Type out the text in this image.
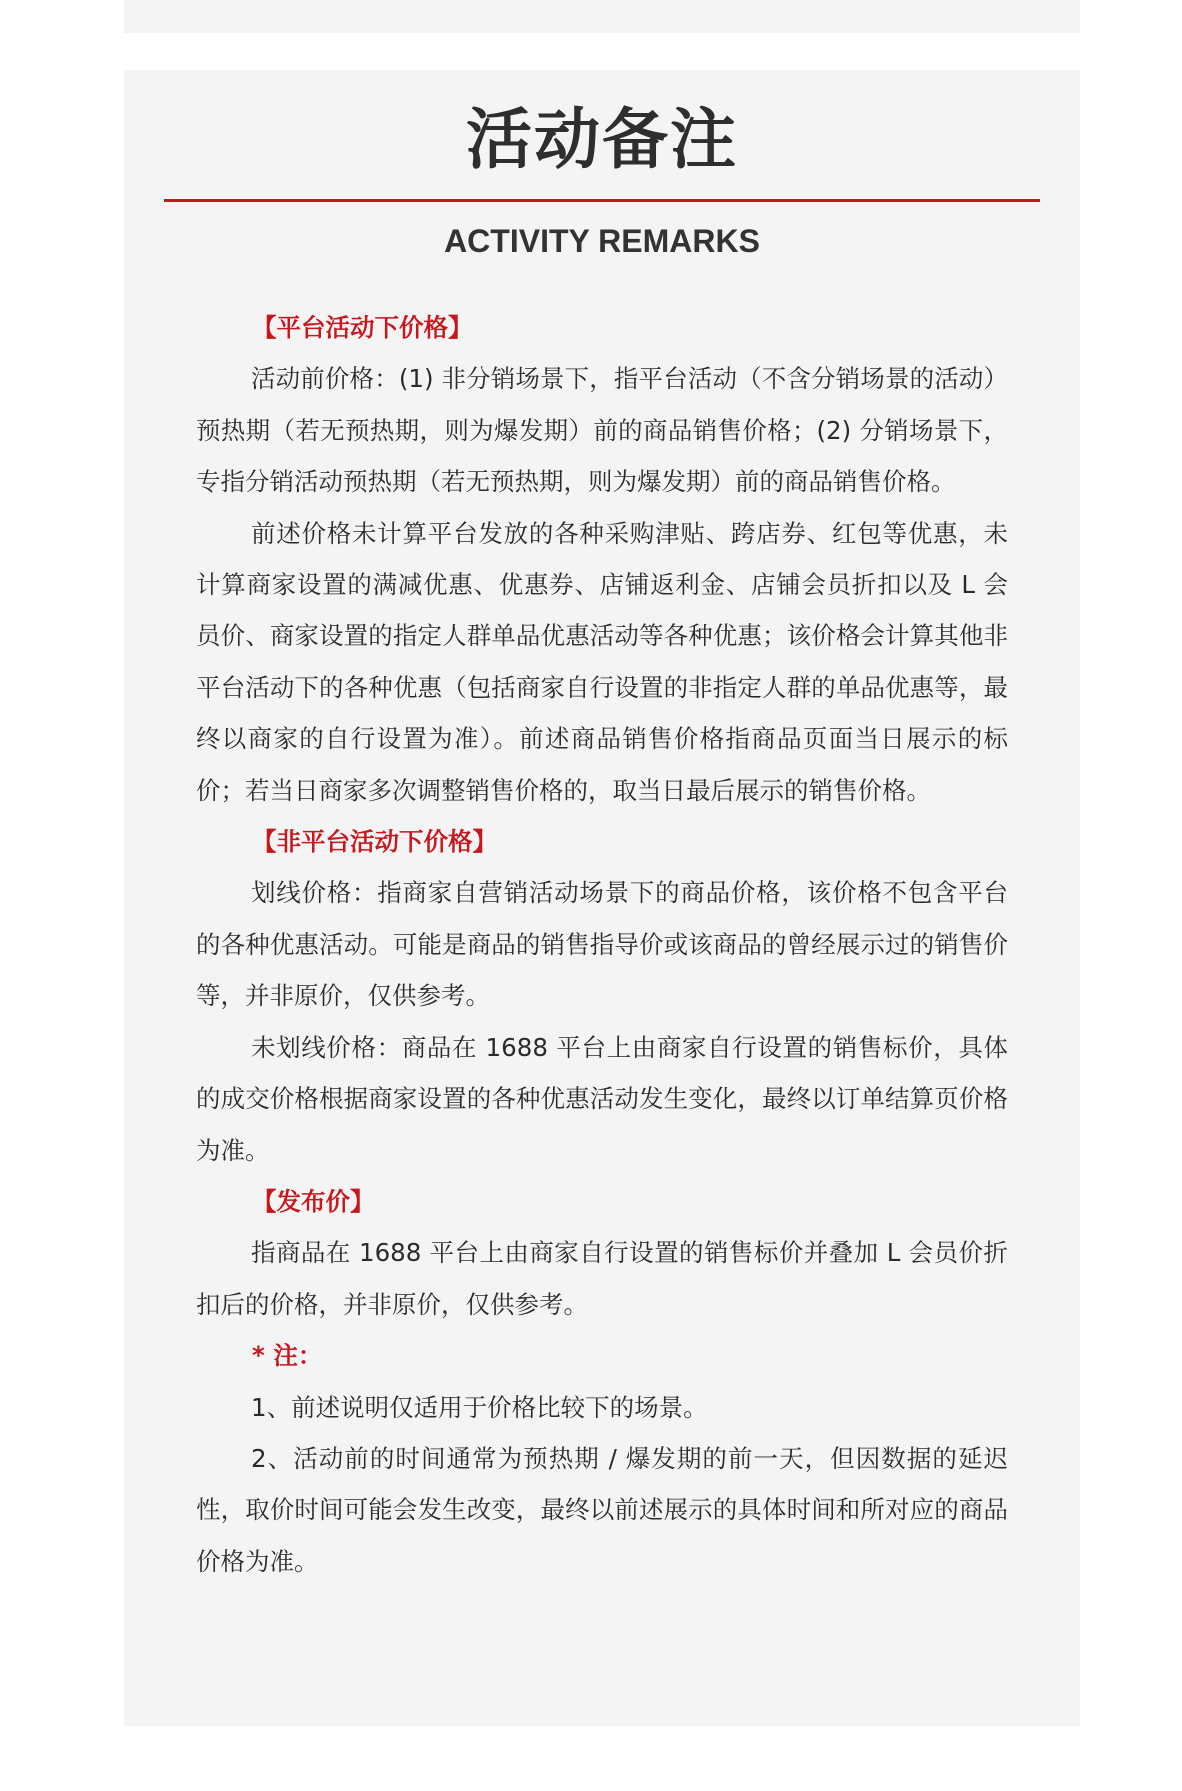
活动备注
ACTIVITY REMARKS

【平台活动下价格】

活动前价格：(1) 非分销场景下，指平台活动（不含分销场景的活动）预热期（若无预热期，则为爆发期）前的商品销售价格；(2) 分销场景下，专指分销活动预热期（若无预热期，则为爆发期）前的商品销售价格。

前述价格未计算平台发放的各种采购津贴、跨店券、红包等优惠，未计算商家设置的满减优惠、优惠券、店铺返利金、店铺会员折扣以及 L 会员价、商家设置的指定人群单品优惠活动等各种优惠；该价格会计算其他非平台活动下的各种优惠（包括商家自行设置的非指定人群的单品优惠等，最终以商家的自行设置为准）。前述商品销售价格指商品页面当日展示的标价；若当日商家多次调整销售价格的，取当日最后展示的销售价格。

【非平台活动下价格】

划线价格：指商家自营销活动场景下的商品价格，该价格不包含平台的各种优惠活动。可能是商品的销售指导价或该商品的曾经展示过的销售价等，并非原价，仅供参考。

未划线价格：商品在 1688 平台上由商家自行设置的销售标价，具体的成交价格根据商家设置的各种优惠活动发生变化，最终以订单结算页价格为准。

【发布价】

指商品在 1688 平台上由商家自行设置的销售标价并叠加 L 会员价折扣后的价格，并非原价，仅供参考。

* 注：

1、前述说明仅适用于价格比较下的场景。

2、活动前的时间通常为预热期 / 爆发期的前一天，但因数据的延迟性，取价时间可能会发生改变，最终以前述展示的具体时间和所对应的商品价格为准。
